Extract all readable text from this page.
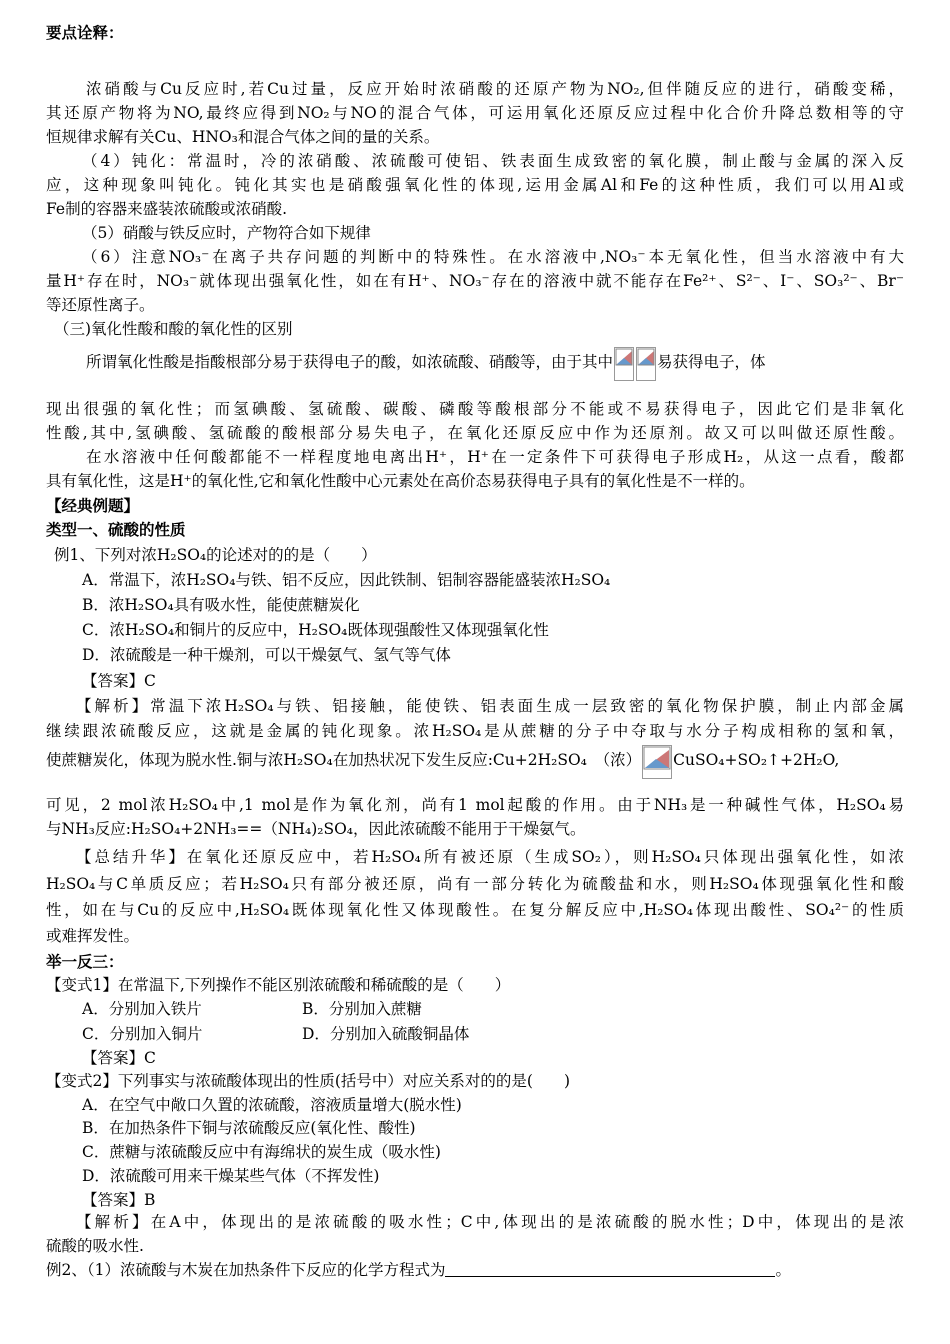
要点诠释：
浓硝酸与Cu反应时,若Cu过量，反应开始时浓硝酸的还原产物为NO₂,但伴随反应的进行，硝酸变稀，
其还原产物将为NO,最终应得到NO₂与NO的混合气体，可运用氧化还原反应过程中化合价升降总数相等的守
恒规律求解有关Cu、HNO₃和混合气体之间的量的关系。
（4）钝化：常温时，冷的浓硝酸、浓硫酸可使铝、铁表面生成致密的氧化膜，制止酸与金属的深入反
应，这种现象叫钝化。钝化其实也是硝酸强氧化性的体现,运用金属Al和Fe的这种性质，我们可以用Al或
Fe制的容器来盛装浓硫酸或浓硝酸.
（5）硝酸与铁反应时，产物符合如下规律
（6）注意NO₃⁻在离子共存问题的判断中的特殊性。在水溶液中,NO₃⁻本无氧化性，但当水溶液中有大
量H⁺存在时，NO₃⁻就体现出强氧化性，如在有H⁺、NO₃⁻存在的溶液中就不能存在Fe²⁺、S²⁻、I⁻、SO₃²⁻、Br⁻
等还原性离子。
（三)氧化性酸和酸的氧化性的区别
所谓氧化性酸是指酸根部分易于获得电子的酸，如浓硫酸、硝酸等，由于其中	易获得电子，体
现出很强的氧化性；而氢碘酸、氢硫酸、碳酸、磷酸等酸根部分不能或不易获得电子，因此它们是非氧化
性酸,其中,氢碘酸、氢硫酸的酸根部分易失电子，在氧化还原反应中作为还原剂。故又可以叫做还原性酸。
在水溶液中任何酸都能不一样程度地电离出H⁺，H⁺在一定条件下可获得电子形成H₂，从这一点看，酸都
具有氧化性，这是H⁺的氧化性,它和氧化性酸中心元素处在高价态易获得电子具有的氧化性是不一样的。
【经典例题】
类型一、硫酸的性质
例1、下列对浓H₂SO₄的论述对的的是（　　）
A．常温下，浓H₂SO₄与铁、铝不反应，因此铁制、铝制容器能盛装浓H₂SO₄
B．浓H₂SO₄具有吸水性，能使蔗糖炭化
C．浓H₂SO₄和铜片的反应中，H₂SO₄既体现强酸性又体现强氧化性
D．浓硫酸是一种干燥剂，可以干燥氨气、氢气等气体
【答案】C
【解析】常温下浓H₂SO₄与铁、铝接触，能使铁、铝表面生成一层致密的氧化物保护膜，制止内部金属
继续跟浓硫酸反应，这就是金属的钝化现象。浓H₂SO₄是从蔗糖的分子中夺取与水分子构成相称的氢和氧，
使蔗糖炭化，体现为脱水性.铜与浓H₂SO₄在加热状况下发生反应:Cu+2H₂SO₄　（浓） CuSO₄+SO₂↑+2H₂O,
可见，2 mol浓H₂SO₄中,1 mol是作为氧化剂，尚有1 mol起酸的作用。由于NH₃是一种碱性气体，H₂SO₄易
与NH₃反应:H₂SO₄+2NH₃==（NH₄)₂SO₄，因此浓硫酸不能用于干燥氨气。
【总结升华】在氧化还原反应中，若H₂SO₄所有被还原（生成SO₂），则H₂SO₄只体现出强氧化性，如浓
H₂SO₄与C单质反应；若H₂SO₄只有部分被还原，尚有一部分转化为硫酸盐和水，则H₂SO₄体现强氧化性和酸
性，如在与Cu的反应中,H₂SO₄既体现氧化性又体现酸性。在复分解反应中,H₂SO₄体现出酸性、SO₄²⁻的性质
或难挥发性。
举一反三：
【变式1】在常温下,下列操作不能区别浓硫酸和稀硫酸的是（　　）
A．分别加入铁片	B．分别加入蔗糖
C．分别加入铜片	D．分别加入硫酸铜晶体
【答案】C
【变式2】下列事实与浓硫酸体现出的性质(括号中）对应关系对的的是(　　)
A．在空气中敞口久置的浓硫酸，溶液质量增大(脱水性)
B．在加热条件下铜与浓硫酸反应(氧化性、酸性)
C．蔗糖与浓硫酸反应中有海绵状的炭生成（吸水性)
D．浓硫酸可用来干燥某些气体（不挥发性)
【答案】B
【解析】在A中，体现出的是浓硫酸的吸水性；C中,体现出的是浓硫酸的脱水性；D中，体现出的是浓
硫酸的吸水性.
例2、（1）浓硫酸与木炭在加热条件下反应的化学方程式为	。
